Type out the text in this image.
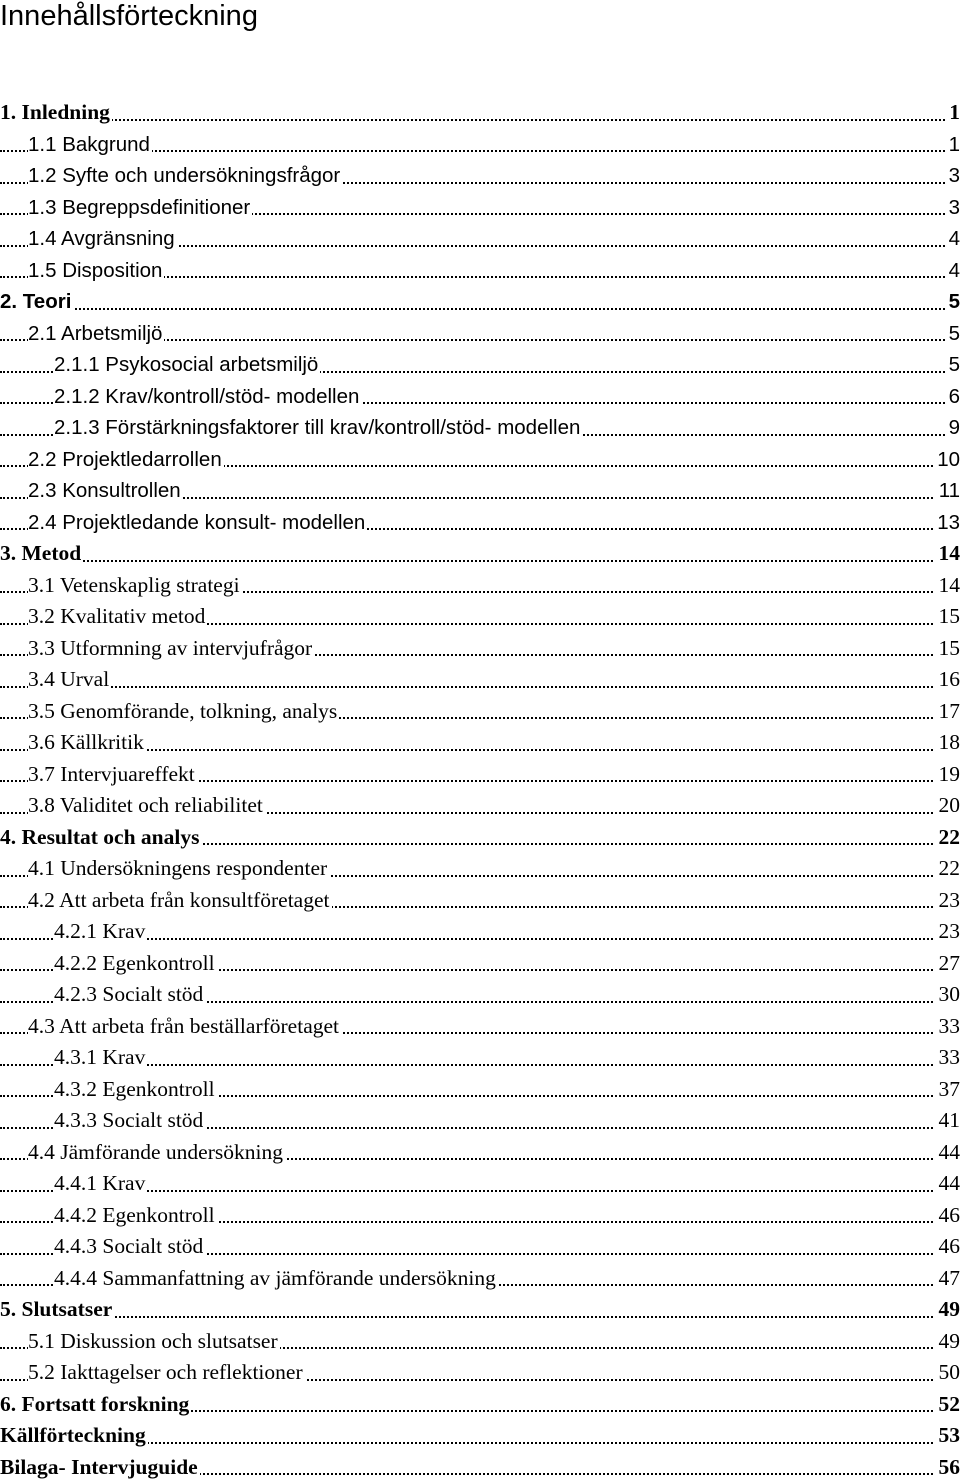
Innehållsförteckning
1. Inledning	1
1.1 Bakgrund	1
1.2 Syfte och undersökningsfrågor	3
1.3 Begreppsdefinitioner	3
1.4 Avgränsning	4
1.5 Disposition	4
2. Teori	5
2.1 Arbetsmiljö	5
2.1.1 Psykosocial arbetsmiljö	5
2.1.2 Krav/kontroll/stöd- modellen	6
2.1.3 Förstärkningsfaktorer till krav/kontroll/stöd- modellen	9
2.2 Projektledarrollen	10
2.3 Konsultrollen	11
2.4 Projektledande konsult- modellen	13
3. Metod	14
3.1 Vetenskaplig strategi	14
3.2 Kvalitativ metod	15
3.3 Utformning av intervjufrågor	15
3.4 Urval	16
3.5 Genomförande, tolkning, analys	17
3.6 Källkritik	18
3.7 Intervjuareffekt	19
3.8 Validitet och reliabilitet	20
4. Resultat och analys	22
4.1 Undersökningens respondenter	22
4.2 Att arbeta från konsultföretaget	23
4.2.1 Krav	23
4.2.2 Egenkontroll	27
4.2.3 Socialt stöd	30
4.3 Att arbeta från beställarföretaget	33
4.3.1 Krav	33
4.3.2 Egenkontroll	37
4.3.3 Socialt stöd	41
4.4 Jämförande undersökning	44
4.4.1 Krav	44
4.4.2 Egenkontroll	46
4.4.3 Socialt stöd	46
4.4.4 Sammanfattning av jämförande undersökning	47
5. Slutsatser	49
5.1 Diskussion och slutsatser	49
5.2 Iakttagelser och reflektioner	50
6. Fortsatt forskning	52
Källförteckning	53
Bilaga- Intervjuguide	56
